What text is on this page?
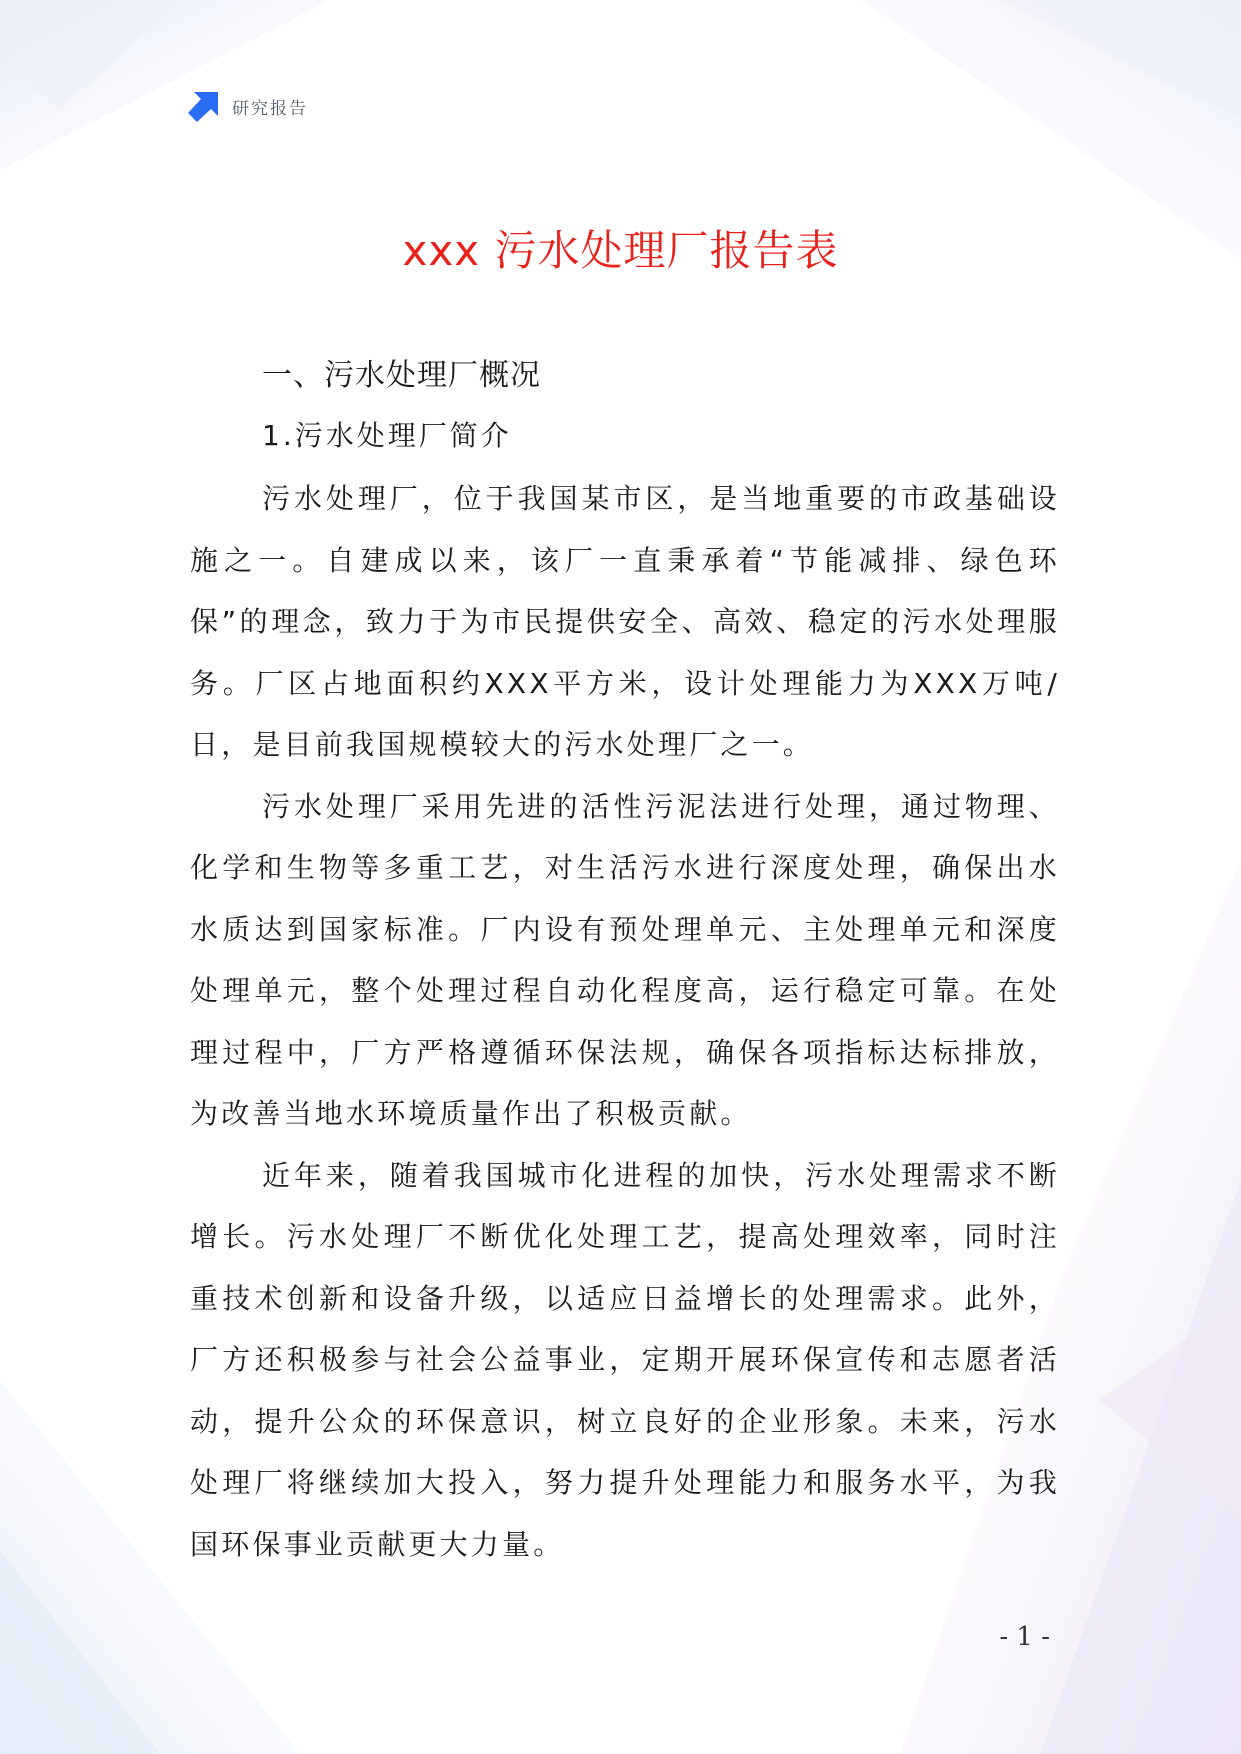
研究报告
xxx 污水处理厂报告表
一、污水处理厂概况
1.污水处理厂简介

污水处理厂，位于我国某市区，是当地重要的市政基础设施之一。自建成以来，该厂一直秉承着“节能减排、绿色环保”的理念，致力于为市民提供安全、高效、稳定的污水处理服务。厂区占地面积约XXX平方米，设计处理能力为XXX万吨/日，是目前我国规模较大的污水处理厂之一。

污水处理厂采用先进的活性污泥法进行处理，通过物理、化学和生物等多重工艺，对生活污水进行深度处理，确保出水水质达到国家标准。厂内设有预处理单元、主处理单元和深度处理单元，整个处理过程自动化程度高，运行稳定可靠。在处理过程中，厂方严格遵循环保法规，确保各项指标达标排放，为改善当地水环境质量作出了积极贡献。

近年来，随着我国城市化进程的加快，污水处理需求不断增长。污水处理厂不断优化处理工艺，提高处理效率，同时注重技术创新和设备升级，以适应日益增长的处理需求。此外，厂方还积极参与社会公益事业，定期开展环保宣传和志愿者活动，提升公众的环保意识，树立良好的企业形象。未来，污水处理厂将继续加大投入，努力提升处理能力和服务水平，为我国环保事业贡献更大力量。

- 1 -
